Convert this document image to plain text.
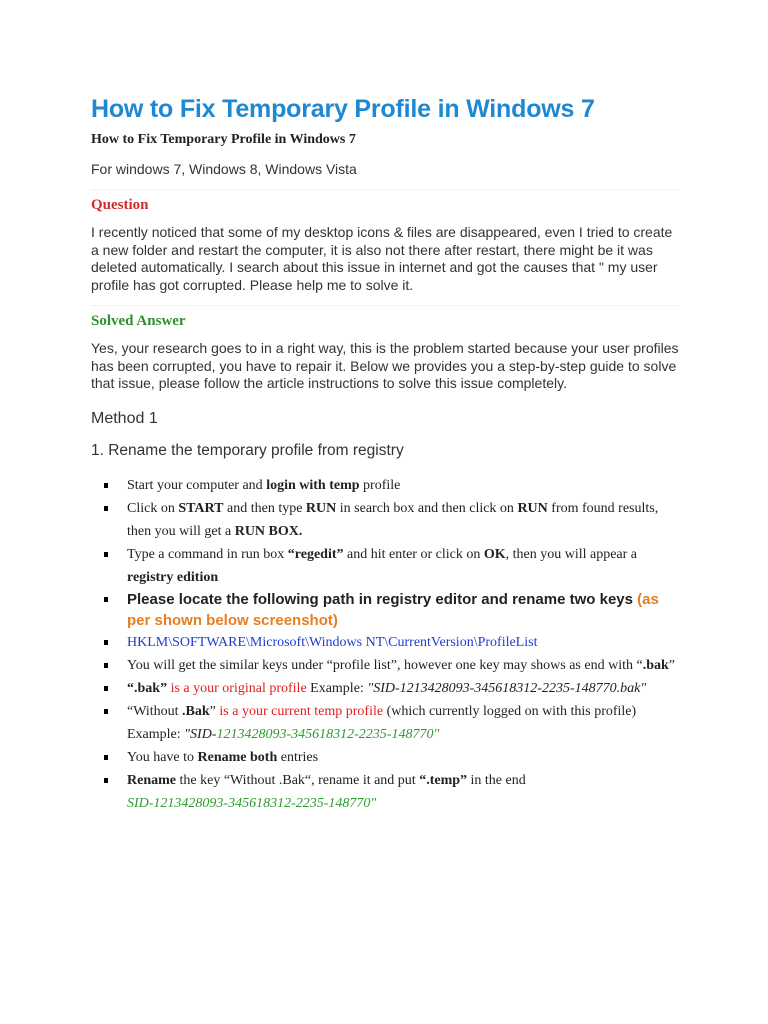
How to Fix Temporary Profile in Windows 7
How to Fix Temporary Profile in Windows 7
For windows 7, Windows 8, Windows Vista
Question
I recently noticed that some of my desktop icons & files are disappeared, even I tried to create a new folder and restart the computer, it is also not there after restart, there might be it was deleted automatically. I search about this issue in internet and got the causes that " my user profile has got corrupted. Please help me to solve it.
Solved Answer
Yes, your research goes to in a right way, this is the problem started because your user profiles has been corrupted, you have to repair it. Below we provides you a step-by-step guide to solve that issue, please follow the article instructions to solve this issue completely.
Method 1
1. Rename the temporary profile from registry
Start your computer and login with temp profile
Click on START and then type RUN in search box and then click on RUN from found results, then you will get a RUN BOX.
Type a command in run box “regedit” and hit enter or click on OK, then you will appear a registry edition
Please locate the following path in registry editor and rename two keys (as per shown below screenshot)
HKLM\SOFTWARE\Microsoft\Windows NT\CurrentVersion\ProfileList
You will get the similar keys under “profile list”, however one key may shows as end with “.bak”
“.bak” is a your original profile Example: "SID-1213428093-345618312-2235-148770.bak"
“Without .Bak” is a your current temp profile (which currently logged on with this profile) Example: "SID-1213428093-345618312-2235-148770"
You have to Rename both entries
Rename the key “Without .Bak“, rename it and put “.temp” in the end
SID-1213428093-345618312-2235-148770"
